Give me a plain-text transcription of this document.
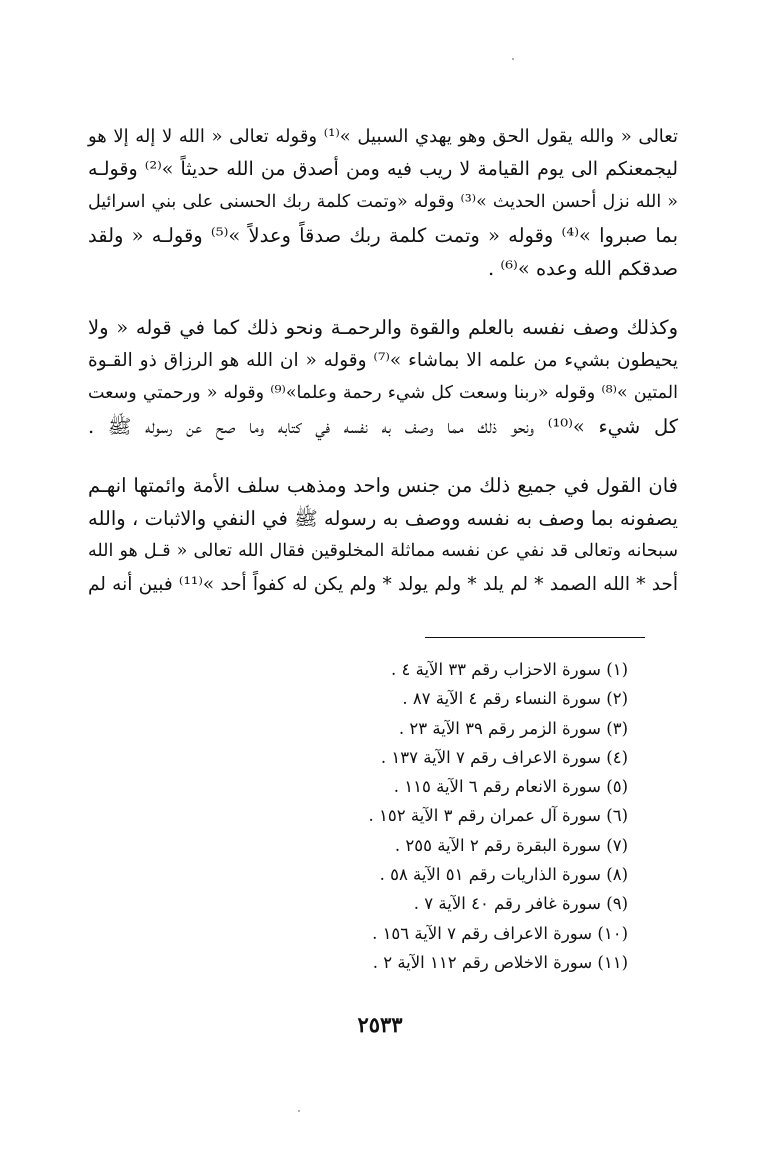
تعالى « والله يقول الحق وهو يهدي السبيل »⁽¹⁾ وقوله تعالى « الله لا إله إلا هو
ليجمعنكم الى يوم القيامة لا ريب فيه ومن أصدق من الله حديثاً »⁽²⁾ وقولـه
« الله نزل أحسن الحديث »⁽³⁾ وقوله «وتمت كلمة ربك الحسنى على بني اسرائيل
بما صبروا »⁽⁴⁾ وقوله « وتمت كلمة ربك صدقاً وعدلاً »⁽⁵⁾ وقولـه « ولقد
صدقكم الله وعده »⁽⁶⁾ .
وكذلك وصف نفسه بالعلم والقوة والرحمـة ونحو ذلك كما في قوله « ولا
يحيطون بشيء من علمه الا بماشاء »⁽⁷⁾ وقوله « ان الله هو الرزاق ذو القـوة
المتين »⁽⁸⁾ وقوله «ربنا وسعت كل شيء رحمة وعلما»⁽⁹⁾ وقوله « ورحمتي وسعت
كل شيء »⁽¹⁰⁾ ونحو ذلك مما وصف به نفسه في كتابه وما صح عن رسوله ﷺ .
فان القول في جميع ذلك من جنس واحد ومذهب سلف الأمة وائمتها انهـم
يصفونه بما وصف به نفسه ووصف به رسوله ﷺ في النفي والاثبات ، والله
سبحانه وتعالى قد نفي عن نفسه مماثلة المخلوقين فقال الله تعالى « قـل هو الله
أحد * الله الصمد * لم يلد * ولم يولد * ولم يكن له كفواً أحد »⁽¹¹⁾ فبين أنه لم
(١) سورة الاحزاب رقم ٣٣ الآية ٤ .
(٢) سورة النساء رقم ٤ الآية ٨٧ .
(٣) سورة الزمر رقم ٣٩ الآية ٢٣ .
(٤) سورة الاعراف رقم ٧ الآية ١٣٧ .
(٥) سورة الانعام رقم ٦ الآية ١١٥ .
(٦) سورة آل عمران رقم ٣ الآية ١٥٢ .
(٧) سورة البقرة رقم ٢ الآية ٢٥٥ .
(٨) سورة الذاريات رقم ٥١ الآية ٥٨ .
(٩) سورة غافر رقم ٤٠ الآية ٧ .
(١٠) سورة الاعراف رقم ٧ الآية ١٥٦ .
(١١) سورة الاخلاص رقم ١١٢ الآية ٢ .
٢٥٣٣
